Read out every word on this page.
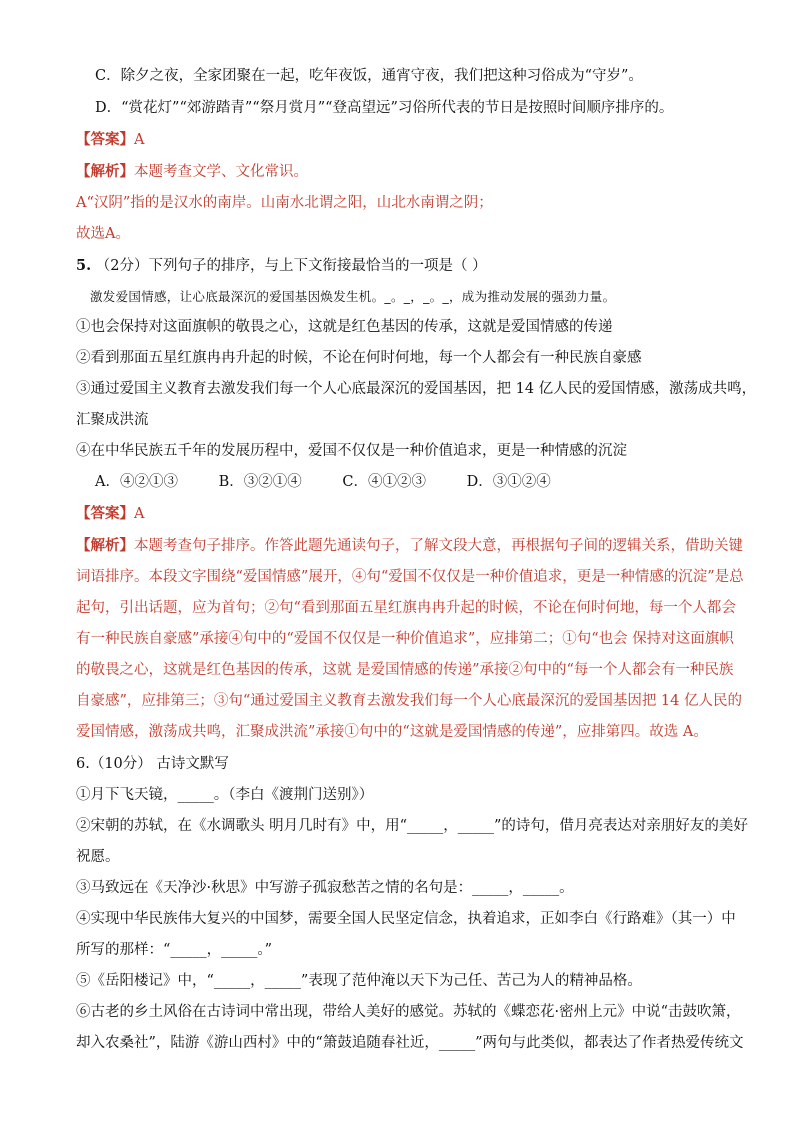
C．除夕之夜，全家团聚在一起，吃年夜饭，通宵守夜，我们把这种习俗成为“守岁”。
D．“赏花灯”“郊游踏青”“祭月赏月”“登高望远”习俗所代表的节日是按照时间顺序排序的。
【答案】A
【解析】本题考查文学、文化常识。
A“汉阴”指的是汉水的南岸。山南水北谓之阳，山北水南谓之阴；
故选A。
5. （2分）下列句子的排序，与上下文衔接最恰当的一项是（ ）
激发爱国情感，让心底最深沉的爱国基因焕发生机。_。_，_。_，成为推动发展的强劲力量。
①也会保持对这面旗帜的敬畏之心，这就是红色基因的传承，这就是爱国情感的传递
②看到那面五星红旗冉冉升起的时候，不论在何时何地，每一个人都会有一种民族自豪感
③通过爱国主义教育去激发我们每一个人心底最深沉的爱国基因，把 14 亿人民的爱国情感，激荡成共鸣，
汇聚成洪流
④在中华民族五千年的发展历程中，爱国不仅仅是一种价值追求，更是一种情感的沉淀
A．④②①③	B．③②①④	C．④①②③	D．③①②④
【答案】A
【解析】本题考查句子排序。作答此题先通读句子，了解文段大意，再根据句子间的逻辑关系，借助关键
词语排序。本段文字围绕“爱国情感”展开，④句“爱国不仅仅是一种价值追求，更是一种情感的沉淀”是总
起句，引出话题，应为首句；②句“看到那面五星红旗冉冉升起的时候，不论在何时何地，每一个人都会
有一种民族自豪感”承接④句中的“爱国不仅仅是一种价值追求”，应排第二；①句“也会 保持对这面旗帜
的敬畏之心，这就是红色基因的传承，这就 是爱国情感的传递”承接②句中的“每一个人都会有一种民族
自豪感”，应排第三；③句“通过爱国主义教育去激发我们每一个人心底最深沉的爱国基因把 14 亿人民的
爱国情感，激荡成共鸣，汇聚成洪流”承接①句中的“这就是爱国情感的传递”，应排第四。故选 A。
6.（10分） 古诗文默写
①月下飞天镜，_____。（李白《渡荆门送别》）
②宋朝的苏轼，在《水调歌头 明月几时有》中，用“_____，_____”的诗句，借月亮表达对亲朋好友的美好
祝愿。
③马致远在《天净沙·秋思》中写游子孤寂愁苦之情的名句是：_____，_____。
④实现中华民族伟大复兴的中国梦，需要全国人民坚定信念，执着追求，正如李白《行路难》（其一）中
所写的那样：“_____，_____。”
⑤《岳阳楼记》中，“_____，_____”表现了范仲淹以天下为己任、苦己为人的精神品格。
⑥古老的乡土风俗在古诗词中常出现，带给人美好的感觉。苏轼的《蝶恋花·密州上元》中说“击鼓吹箫，
却入农桑社”，陆游《游山西村》中的“箫鼓追随春社近，_____”两句与此类似，都表达了作者热爱传统文
